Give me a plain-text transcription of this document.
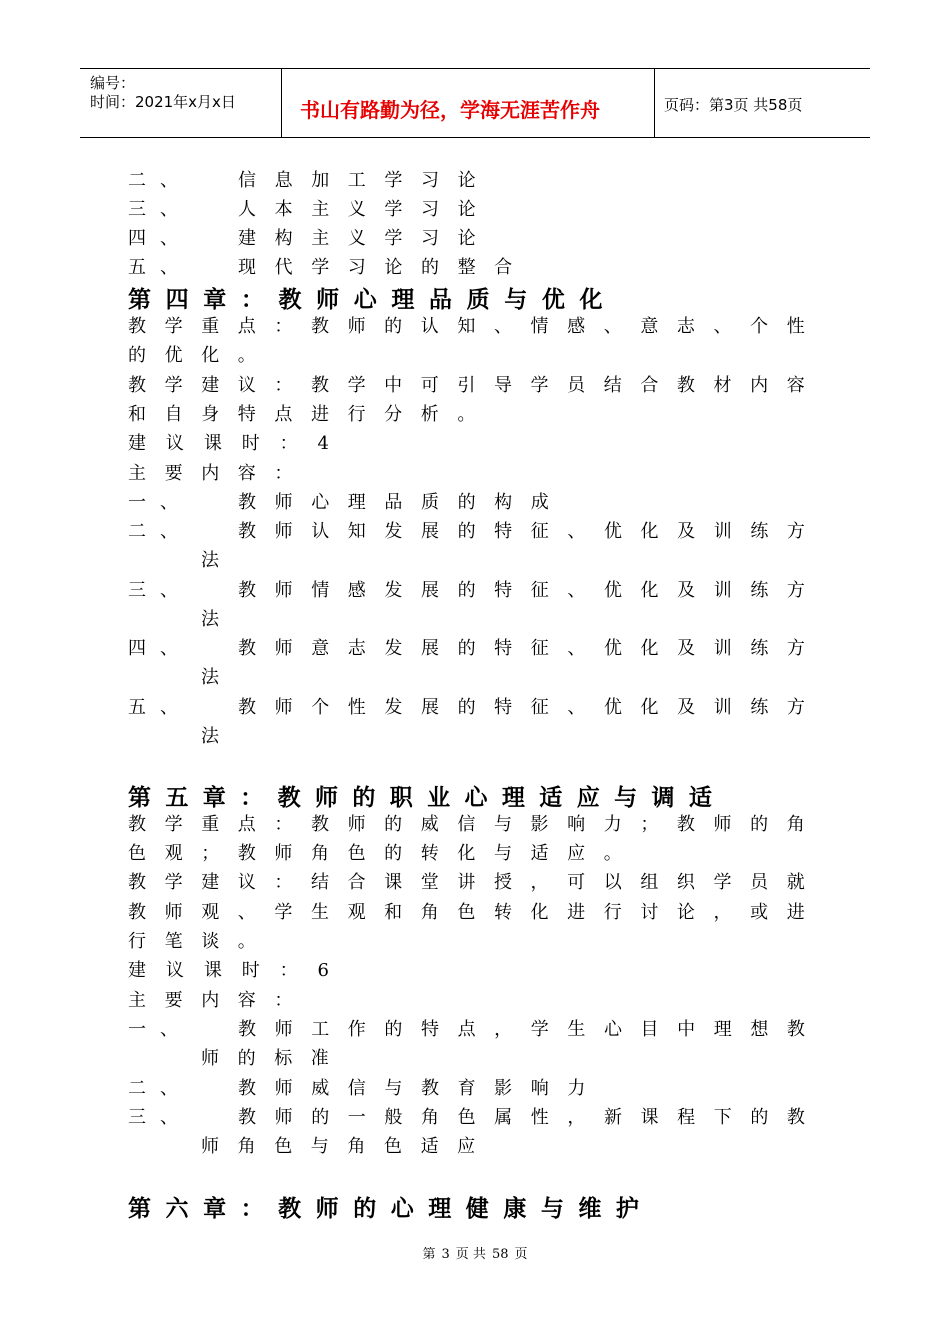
编号：
时间：2021年x月x日	书山有路勤为径，学海无涯苦作舟	页码：第3页 共58页
二 、	信 息 加 工 学 习 论
三 、	人 本 主 义 学 习 论
四 、	建 构 主 义 学 习 论
五 、	现 代 学 习 论 的 整 合
第 四 章 ： 教 师 心 理 品 质 与 优 化
教 学 重 点 ： 教 师 的 认 知 、 情 感 、 意 志 、 个 性
的 优 化 。
教 学 建 议 ： 教 学 中 可 引 导 学 员 结 合 教 材 内 容
和 自 身 特 点 进 行 分 析 。
建 议 课 时 ： 4
主 要 内 容 ：
一 、	教 师 心 理 品 质 的 构 成
二 、	教 师 认 知 发 展 的 特 征 、 优 化 及 训 练 方
法
三 、	教 师 情 感 发 展 的 特 征 、 优 化 及 训 练 方
法
四 、	教 师 意 志 发 展 的 特 征 、 优 化 及 训 练 方
法
五 、	教 师 个 性 发 展 的 特 征 、 优 化 及 训 练 方
法
第 五 章 ： 教 师 的 职 业 心 理 适 应 与 调 适
教 学 重 点 ： 教 师 的 威 信 与 影 响 力 ； 教 师 的 角
色 观 ； 教 师 角 色 的 转 化 与 适 应 。
教 学 建 议 ： 结 合 课 堂 讲 授 ， 可 以 组 织 学 员 就
教 师 观 、 学 生 观 和 角 色 转 化 进 行 讨 论 ， 或 进
行 笔 谈 。
建 议 课 时 ： 6
主 要 内 容 ：
一 、	教 师 工 作 的 特 点 ， 学 生 心 目 中 理 想 教
师 的 标 准
二 、	教 师 威 信 与 教 育 影 响 力
三 、	教 师 的 一 般 角 色 属 性 ， 新 课 程 下 的 教
师 角 色 与 角 色 适 应
第 六 章 ： 教 师 的 心 理 健 康 与 维 护
第 3 页 共 58 页
